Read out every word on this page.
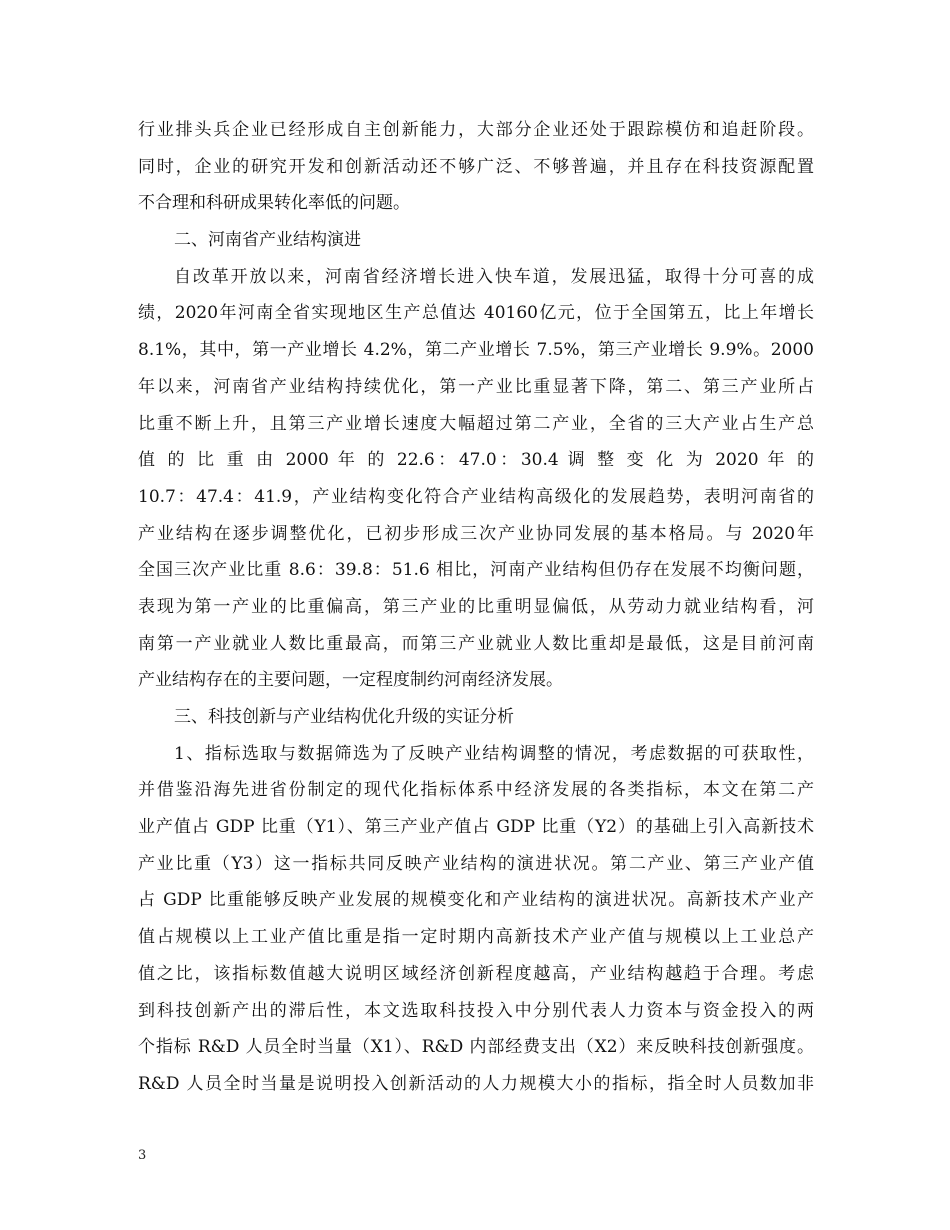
行业排头兵企业已经形成自主创新能力，大部分企业还处于跟踪模仿和追赶阶段。
同时，企业的研究开发和创新活动还不够广泛、不够普遍，并且存在科技资源配置
不合理和科研成果转化率低的问题。
二、河南省产业结构演进
自改革开放以来，河南省经济增长进入快车道，发展迅猛，取得十分可喜的成
绩，2020年河南全省实现地区生产总值达 40160亿元，位于全国第五，比上年增长
8.1%，其中，第一产业增长 4.2%，第二产业增长 7.5%，第三产业增长 9.9%。2000
年以来，河南省产业结构持续优化，第一产业比重显著下降，第二、第三产业所占
比重不断上升，且第三产业增长速度大幅超过第二产业，全省的三大产业占生产总
值 的 比 重 由 2000 年 的 22.6：47.0：30.4 调 整 变 化 为 2020 年 的
10.7：47.4：41.9，产业结构变化符合产业结构高级化的发展趋势，表明河南省的
产业结构在逐步调整优化，已初步形成三次产业协同发展的基本格局。与 2020年
全国三次产业比重 8.6：39.8：51.6 相比，河南产业结构但仍存在发展不均衡问题，
表现为第一产业的比重偏高，第三产业的比重明显偏低，从劳动力就业结构看，河
南第一产业就业人数比重最高，而第三产业就业人数比重却是最低，这是目前河南
产业结构存在的主要问题，一定程度制约河南经济发展。
三、科技创新与产业结构优化升级的实证分析
1、指标选取与数据筛选为了反映产业结构调整的情况，考虑数据的可获取性，
并借鉴沿海先进省份制定的现代化指标体系中经济发展的各类指标，本文在第二产
业产值占 GDP 比重（Y1）、第三产业产值占 GDP 比重（Y2）的基础上引入高新技术
产业比重（Y3）这一指标共同反映产业结构的演进状况。第二产业、第三产业产值
占 GDP 比重能够反映产业发展的规模变化和产业结构的演进状况。高新技术产业产
值占规模以上工业产值比重是指一定时期内高新技术产业产值与规模以上工业总产
值之比，该指标数值越大说明区域经济创新程度越高，产业结构越趋于合理。考虑
到科技创新产出的滞后性，本文选取科技投入中分别代表人力资本与资金投入的两
个指标 R&D 人员全时当量（X1）、R&D 内部经费支出（X2）来反映科技创新强度。
R&D 人员全时当量是说明投入创新活动的人力规模大小的指标，指全时人员数加非
3
